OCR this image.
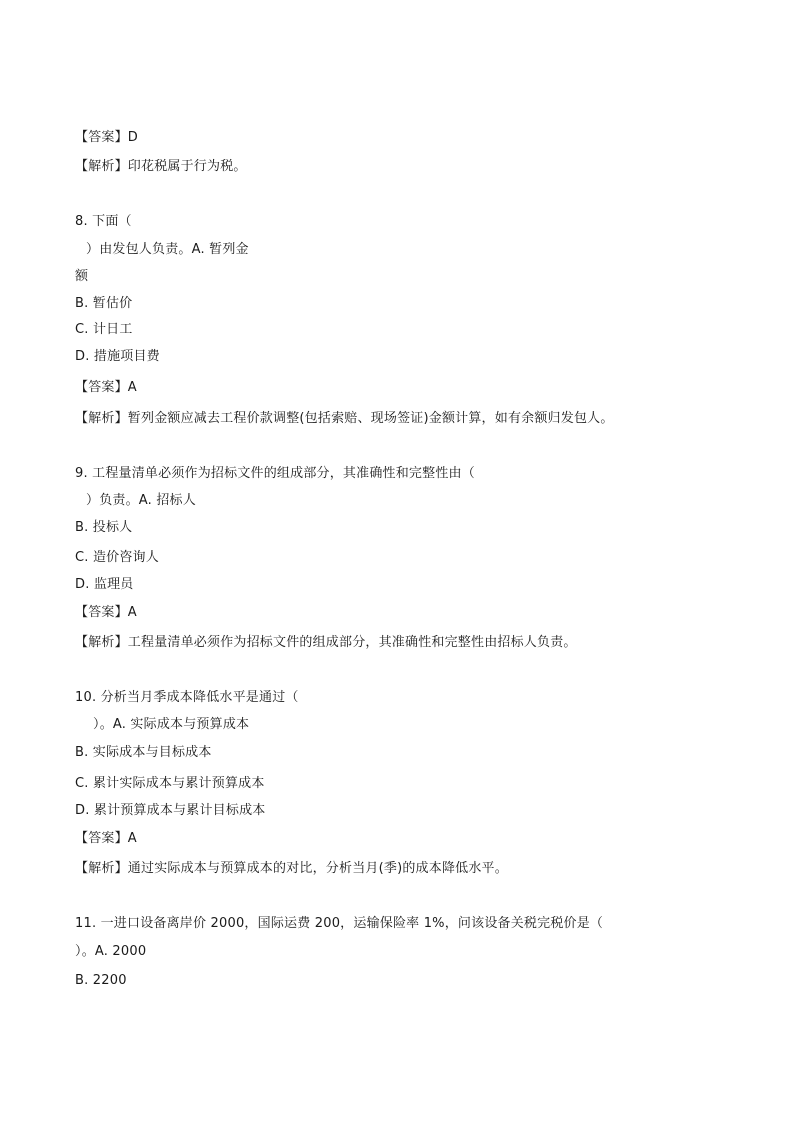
【答案】D
【解析】印花税属于行为税。
8. 下面（
）由发包人负责。A. 暂列金
额
B. 暂估价
C. 计日工
D. 措施项目费
【答案】A
【解析】暂列金额应减去工程价款调整(包括索赔、现场签证)金额计算，如有余额归发包人。
9. 工程量清单必须作为招标文件的组成部分，其准确性和完整性由（
）负责。A. 招标人
B. 投标人
C. 造价咨询人
D. 监理员
【答案】A
【解析】工程量清单必须作为招标文件的组成部分，其准确性和完整性由招标人负责。
10. 分析当月季成本降低水平是通过（
）。A. 实际成本与预算成本
B. 实际成本与目标成本
C. 累计实际成本与累计预算成本
D. 累计预算成本与累计目标成本
【答案】A
【解析】通过实际成本与预算成本的对比，分析当月(季)的成本降低水平。
11. 一进口设备离岸价 2000，国际运费 200，运输保险率 1%，问该设备关税完税价是（
）。A. 2000
B. 2200
